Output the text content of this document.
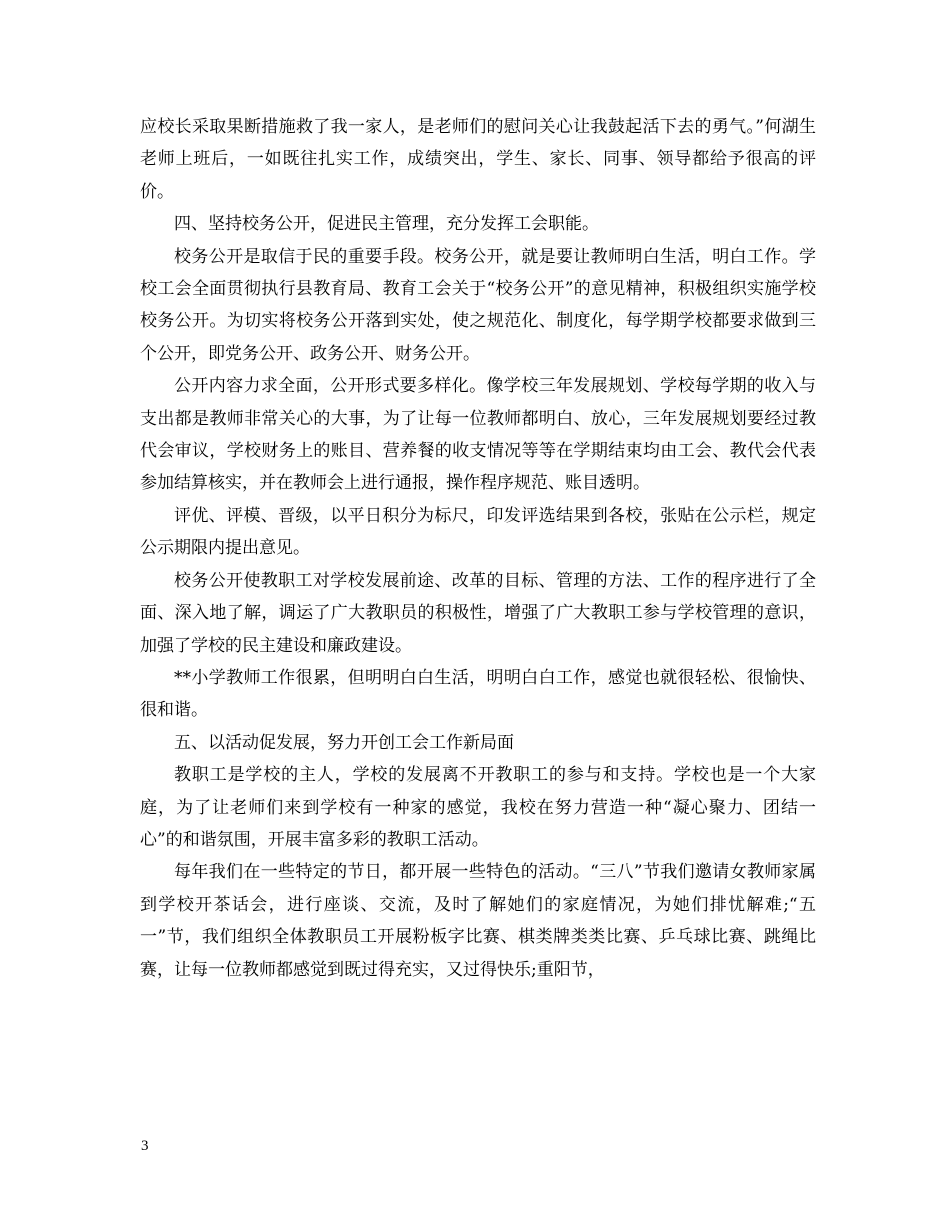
应校长采取果断措施救了我一家人，是老师们的慰问关心让我鼓起活下去的勇气。”何湖生老师上班后，一如既往扎实工作，成绩突出，学生、家长、同事、领导都给予很高的评价。

四、坚持校务公开，促进民主管理，充分发挥工会职能。

校务公开是取信于民的重要手段。校务公开，就是要让教师明白生活，明白工作。学校工会全面贯彻执行县教育局、教育工会关于“校务公开”的意见精神，积极组织实施学校校务公开。为切实将校务公开落到实处，使之规范化、制度化，每学期学校都要求做到三个公开，即党务公开、政务公开、财务公开。

公开内容力求全面，公开形式要多样化。像学校三年发展规划、学校每学期的收入与支出都是教师非常关心的大事，为了让每一位教师都明白、放心，三年发展规划要经过教代会审议，学校财务上的账目、营养餐的收支情况等等在学期结束均由工会、教代会代表参加结算核实，并在教师会上进行通报，操作程序规范、账目透明。

评优、评模、晋级，以平日积分为标尺，印发评选结果到各校，张贴在公示栏，规定公示期限内提出意见。

校务公开使教职工对学校发展前途、改革的目标、管理的方法、工作的程序进行了全面、深入地了解，调运了广大教职员的积极性，增强了广大教职工参与学校管理的意识，加强了学校的民主建设和廉政建设。

**小学教师工作很累，但明明白白生活，明明白白工作，感觉也就很轻松、很愉快、很和谐。

五、以活动促发展，努力开创工会工作新局面

教职工是学校的主人，学校的发展离不开教职工的参与和支持。学校也是一个大家庭，为了让老师们来到学校有一种家的感觉，我校在努力营造一种“凝心聚力、团结一心”的和谐氛围，开展丰富多彩的教职工活动。

每年我们在一些特定的节日，都开展一些特色的活动。“三八”节我们邀请女教师家属到学校开茶话会，进行座谈、交流，及时了解她们的家庭情况，为她们排忧解难;“五一”节，我们组织全体教职员工开展粉板字比赛、棋类牌类类比赛、乒乓球比赛、跳绳比赛，让每一位教师都感觉到既过得充实，又过得快乐;重阳节，

3
